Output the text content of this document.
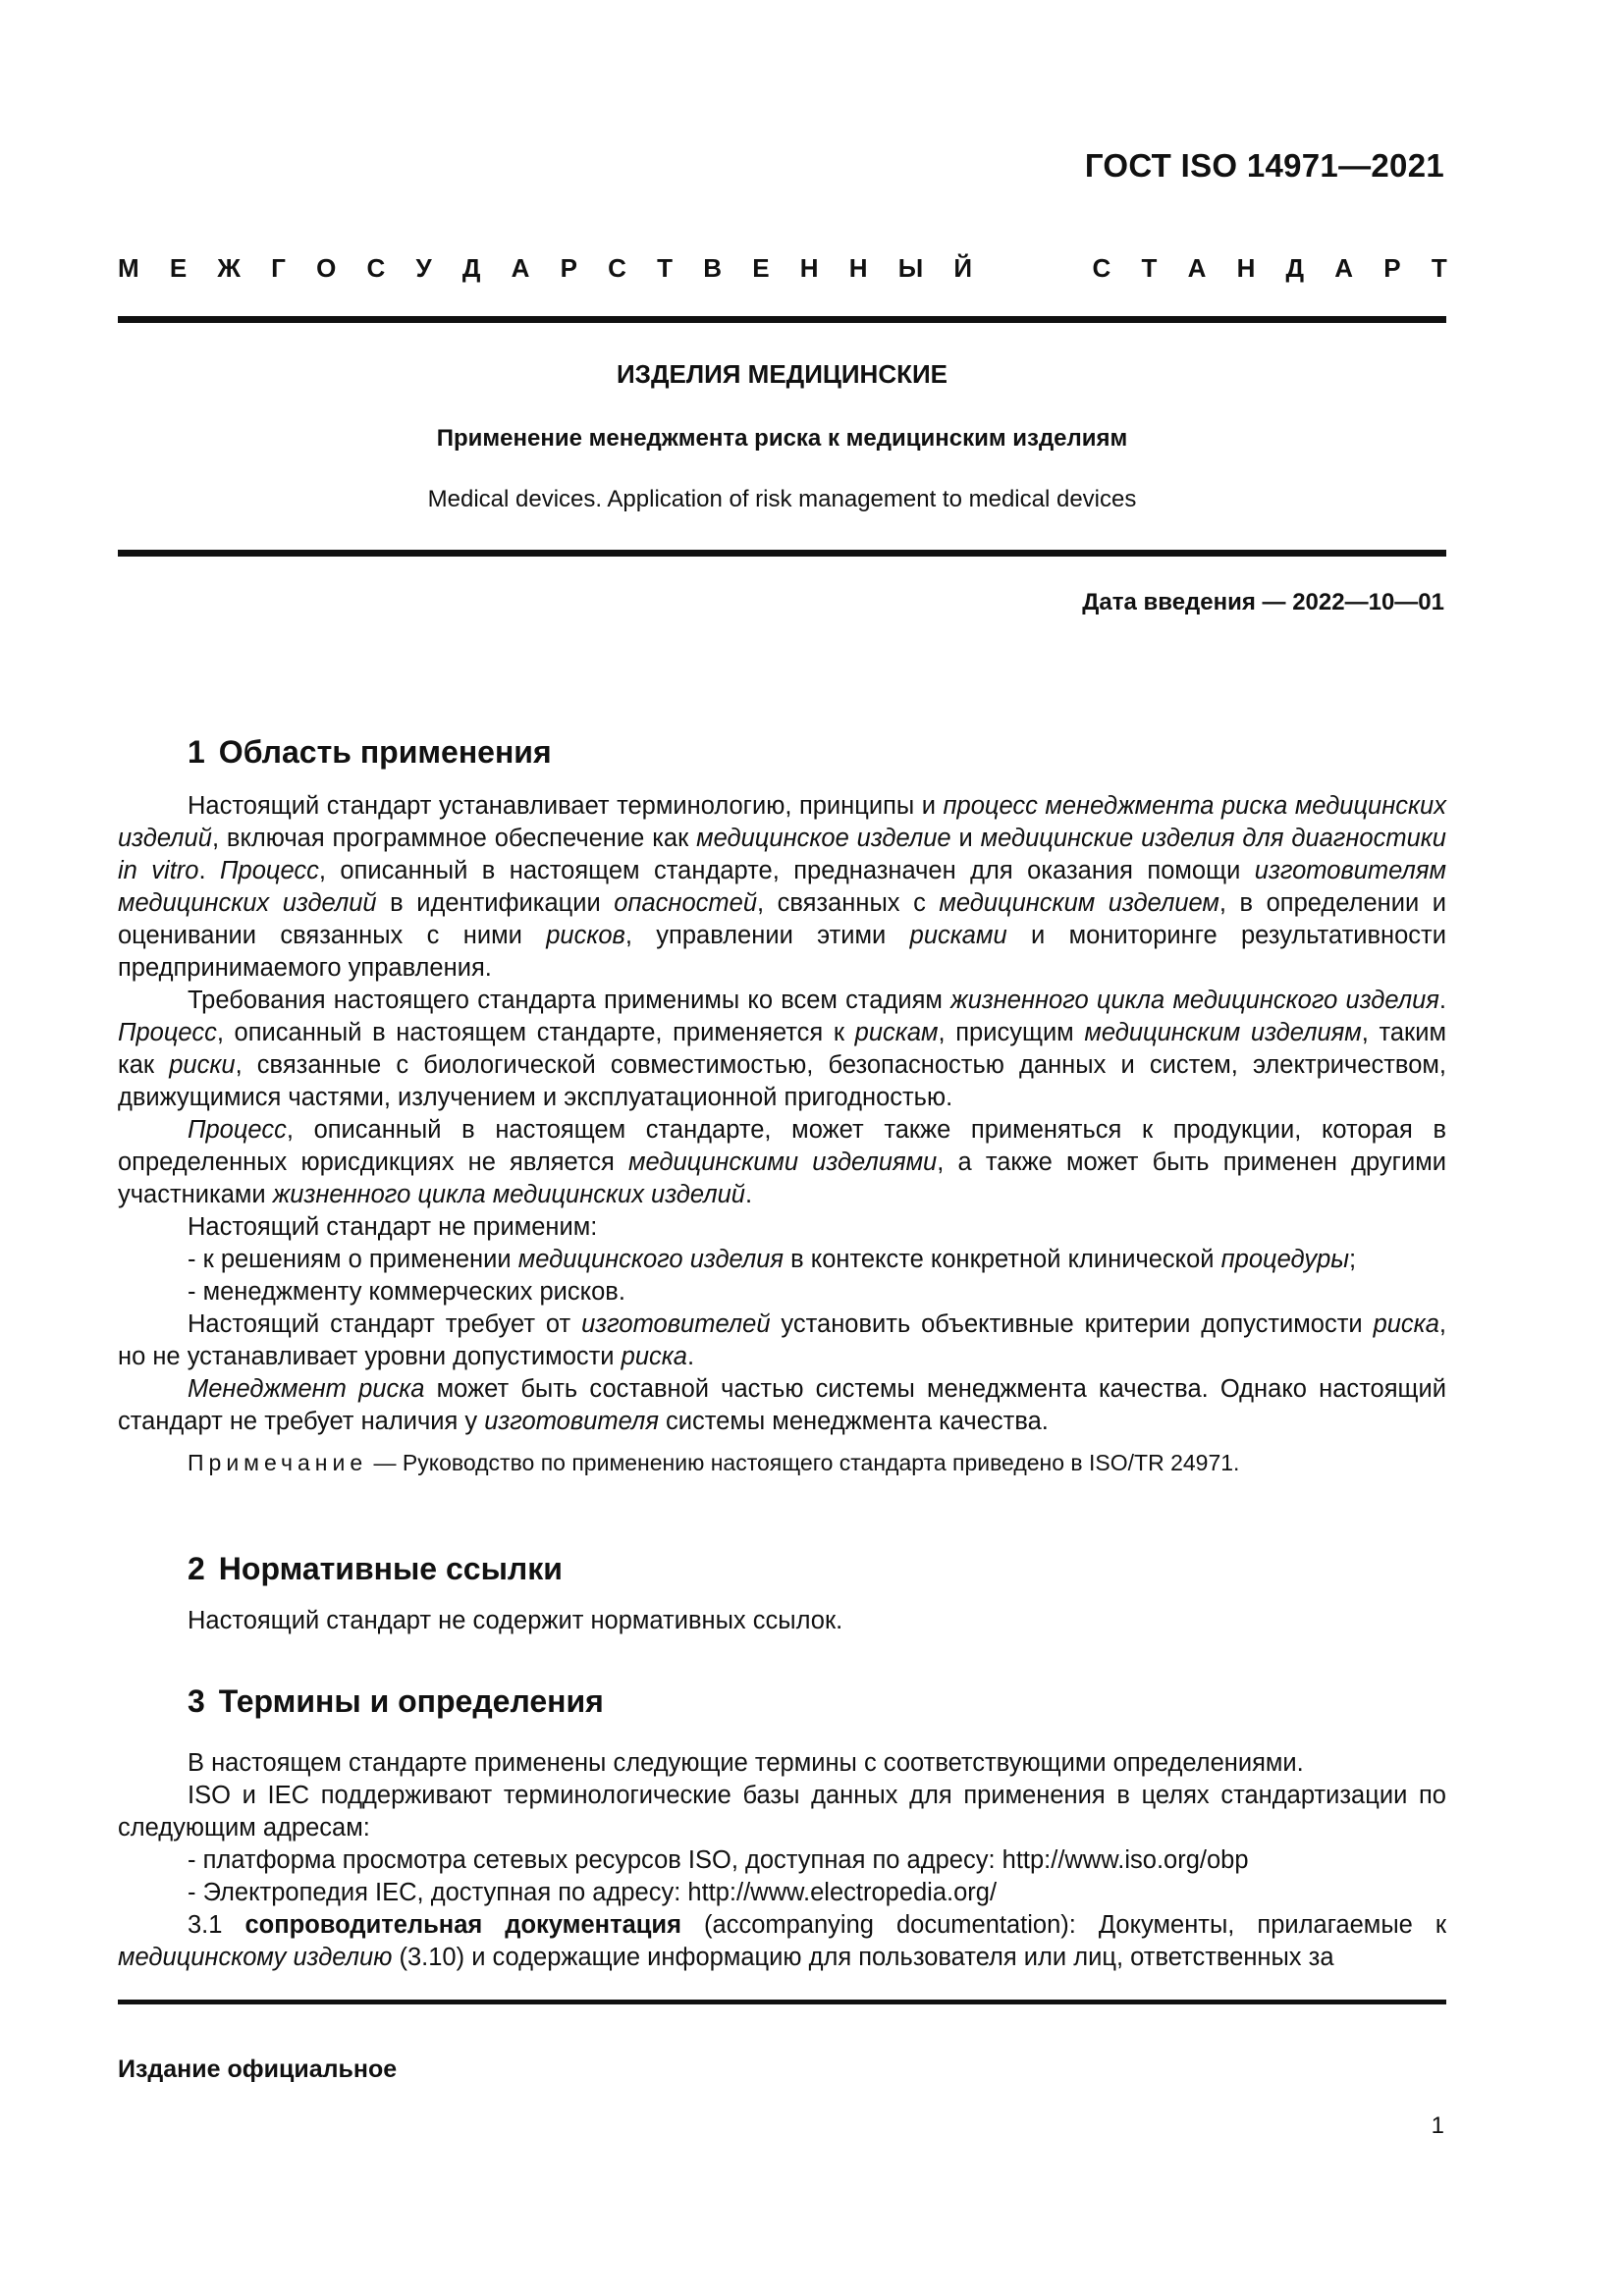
ГОСТ ISO 14971—2021
М Е Ж Г О С У Д А Р С Т В Е Н Н Ы Й	С Т А Н Д А Р Т
ИЗДЕЛИЯ МЕДИЦИНСКИЕ
Применение менеджмента риска к медицинским изделиям
Medical devices. Application of risk management to medical devices
Дата введения — 2022—10—01
1 Область применения

Настоящий стандарт устанавливает терминологию, принципы и процесс менеджмента риска медицинских изделий, включая программное обеспечение как медицинское изделие и медицинские изделия для диагностики in vitro. Процесс, описанный в настоящем стандарте, предназначен для оказания помощи изготовителям медицинских изделий в идентификации опасностей, связанных с медицинским изделием, в определении и оценивании связанных с ними рисков, управлении этими рисками и мониторинге результативности предпринимаемого управления.

Требования настоящего стандарта применимы ко всем стадиям жизненного цикла медицинского изделия. Процесс, описанный в настоящем стандарте, применяется к рискам, присущим медицинским изделиям, таким как риски, связанные с биологической совместимостью, безопасностью данных и систем, электричеством, движущимися частями, излучением и эксплуатационной пригодностью.

Процесс, описанный в настоящем стандарте, может также применяться к продукции, которая в определенных юрисдикциях не является медицинскими изделиями, а также может быть применен другими участниками жизненного цикла медицинских изделий.

Настоящий стандарт не применим:

- к решениям о применении медицинского изделия в контексте конкретной клинической процедуры;

- менеджменту коммерческих рисков.

Настоящий стандарт требует от изготовителей установить объективные критерии допустимости риска, но не устанавливает уровни допустимости риска.

Менеджмент риска может быть составной частью системы менеджмента качества. Однако настоящий стандарт не требует наличия у изготовителя системы менеджмента качества.

Примечание — Руководство по применению настоящего стандарта приведено в ISO/TR 24971.
2 Нормативные ссылки

Настоящий стандарт не содержит нормативных ссылок.

3 Термины и определения

В настоящем стандарте применены следующие термины с соответствующими определениями.

ISO и IEC поддерживают терминологические базы данных для применения в целях стандартизации по следующим адресам:

- платформа просмотра сетевых ресурсов ISO, доступная по адресу: http://www.iso.org/obp

- Электропедия IEC, доступная по адресу: http://www.electropedia.org/

3.1 сопроводительная документация (accompanying documentation): Документы, прилагаемые к медицинскому изделию (3.10) и содержащие информацию для пользователя или лиц, ответственных за

Издание официальное
1
